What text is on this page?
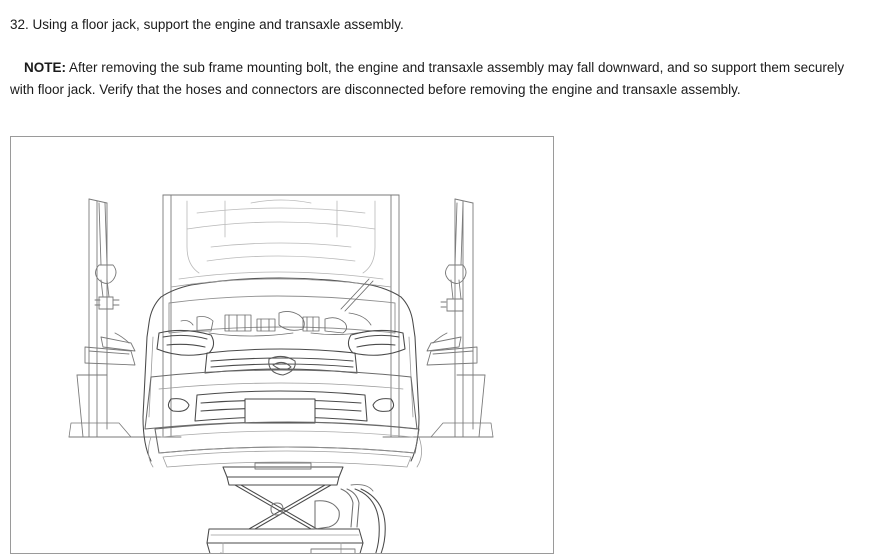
32. Using a floor jack, support the engine and transaxle assembly.
NOTE: After removing the sub frame mounting bolt, the engine and transaxle assembly may fall downward, and so support them securely with floor jack. Verify that the hoses and connectors are disconnected before removing the engine and transaxle assembly.
